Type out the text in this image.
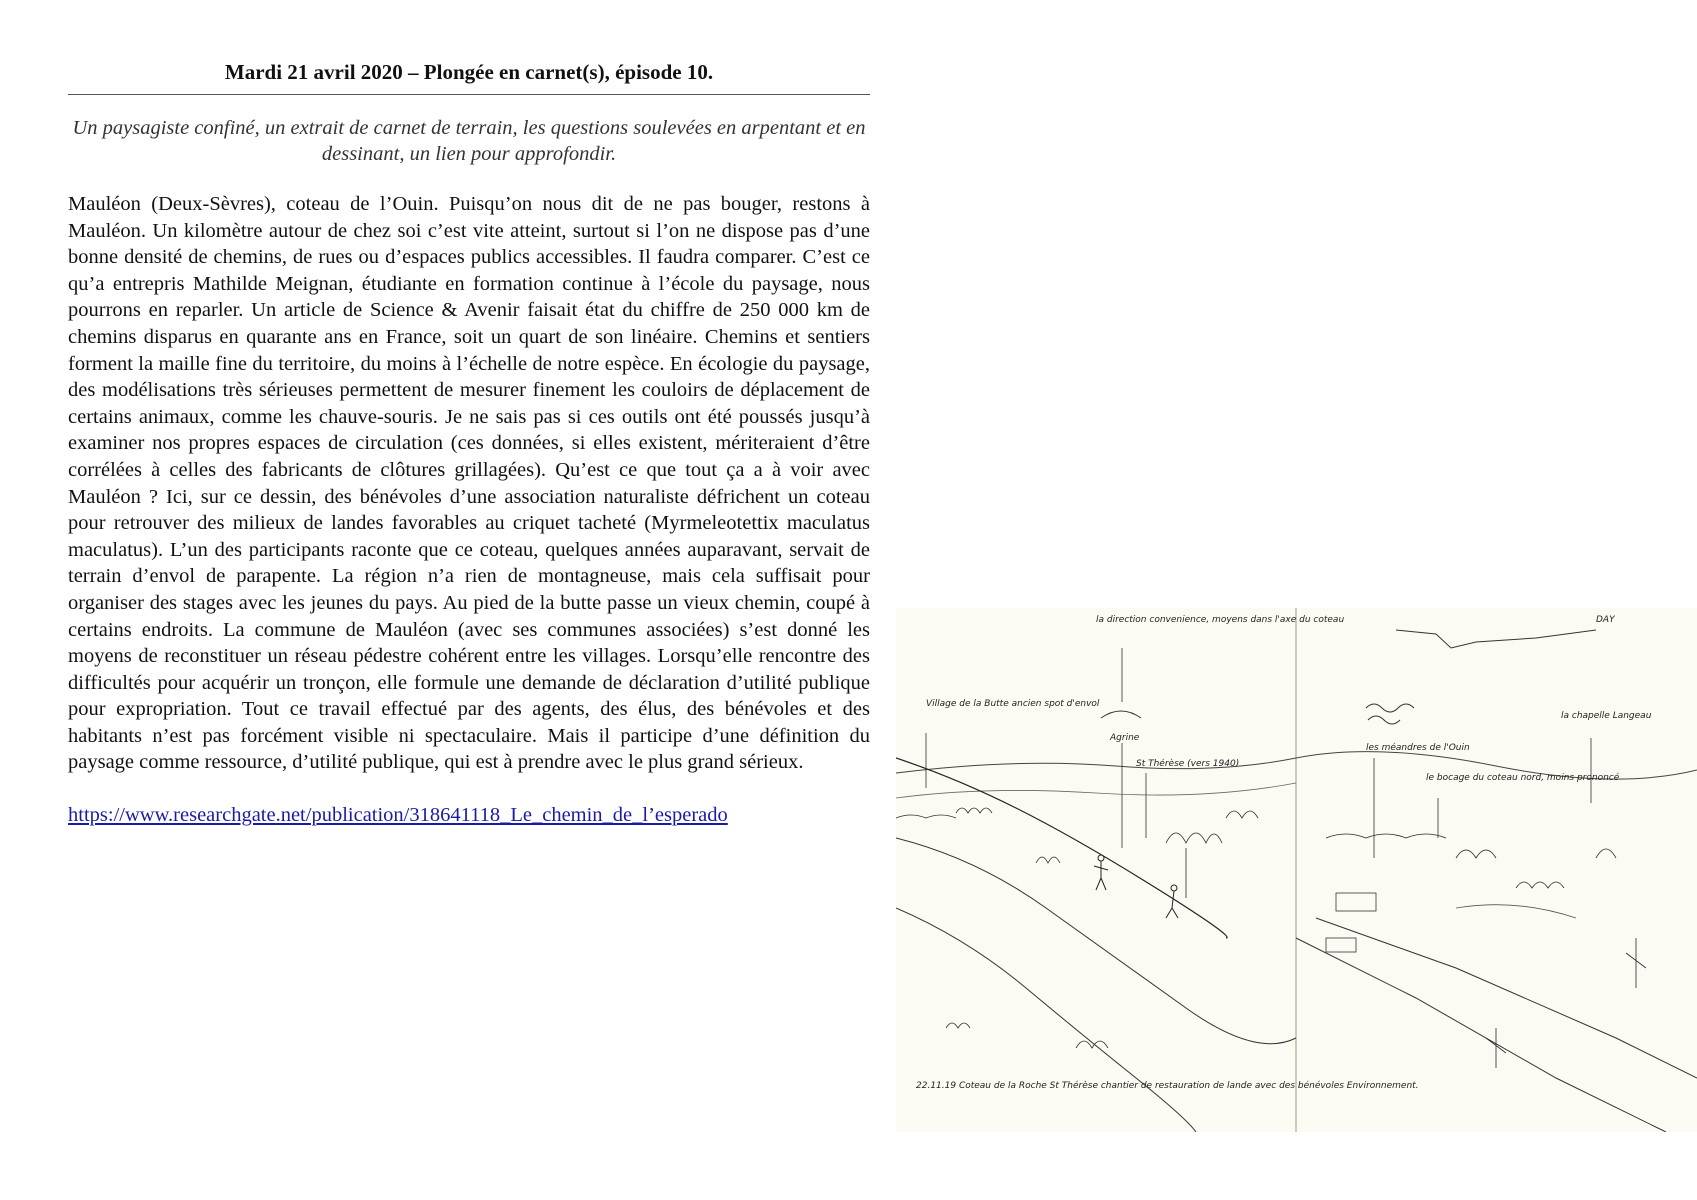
Mardi 21 avril 2020 – Plongée en carnet(s), épisode 10.

Un paysagiste confiné, un extrait de carnet de terrain, les questions soulevées en arpentant et en dessinant, un lien pour approfondir.

Mauléon (Deux-Sèvres), coteau de l’Ouin. Puisqu’on nous dit de ne pas bouger, restons à Mauléon. Un kilomètre autour de chez soi c’est vite atteint, surtout si l’on ne dispose pas d’une bonne densité de chemins, de rues ou d’espaces publics accessibles. Il faudra comparer. C’est ce qu’a entrepris Mathilde Meignan, étudiante en formation continue à l’école du paysage, nous pourrons en reparler. Un article de Science & Avenir faisait état du chiffre de 250 000 km de chemins disparus en quarante ans en France, soit un quart de son linéaire. Chemins et sentiers forment la maille fine du territoire, du moins à l’échelle de notre espèce. En écologie du paysage, des modélisations très sérieuses permettent de mesurer finement les couloirs de déplacement de certains animaux, comme les chauve-souris. Je ne sais pas si ces outils ont été poussés jusqu’à examiner nos propres espaces de circulation (ces données, si elles existent, mériteraient d’être corrélées à celles des fabricants de clôtures grillagées). Qu’est ce que tout ça a à voir avec Mauléon ? Ici, sur ce dessin, des bénévoles d’une association naturaliste défrichent un coteau pour retrouver des milieux de landes favorables au criquet tacheté (Myrmeleotettix maculatus maculatus). L’un des participants raconte que ce coteau, quelques années auparavant, servait de terrain d’envol de parapente. La région n’a rien de montagneuse, mais cela suffisait pour organiser des stages avec les jeunes du pays. Au pied de la butte passe un vieux chemin, coupé à certains endroits. La commune de Mauléon (avec ses communes associées) s’est donné les moyens de reconstituer un réseau pédestre cohérent entre les villages. Lorsqu’elle rencontre des difficultés pour acquérir un tronçon, elle formule une demande de déclaration d’utilité publique pour expropriation. Tout ce travail effectué par des agents, des élus, des bénévoles et des habitants n’est pas forcément visible ni spectaculaire. Mais il participe d’une définition du paysage comme ressource, d’utilité publique, qui est à prendre avec le plus grand sérieux.

https://www.researchgate.net/publication/318641118_Le_chemin_de_l’esperado
la direction convenience, moyens dans l'axe du coteau	DAY
Village de la Butte ancien spot d'envol
Agrine
St Thérèse (vers 1940)
les méandres de l'Ouin
le bocage du coteau nord, moins prononcé
la chapelle Langeau
22.11.19 Coteau de la Roche St Thérèse chantier de restauration de lande avec des bénévoles Environnement.
